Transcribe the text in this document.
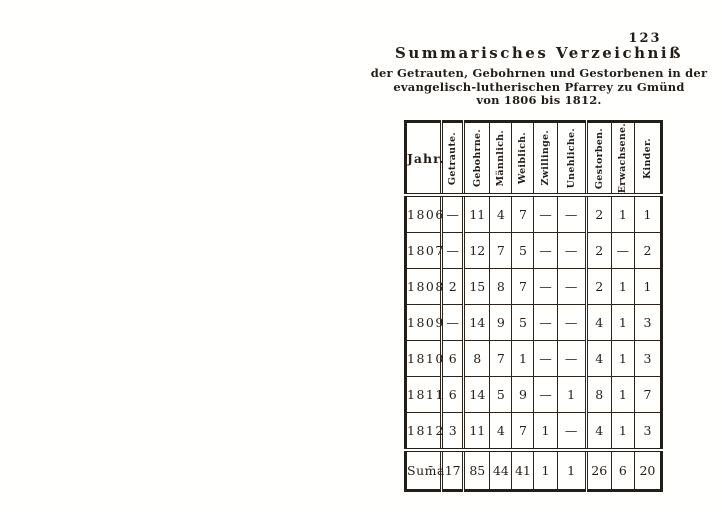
123
Summarisches Verzeichniß
der Getrauten, Gebohrnen und Gestorbenen in der
evangelisch-lutherischen Pfarrey zu Gmünd
von 1806 bis 1812.
Jahr.	Getraute.	Gebohrne.	Männlich.	Weiblich.	Zwillinge.	Unehliche.	Gestorben.	Erwachsene.	Kinder.

1806	—	11	4	7	—	—	2	1	1
1807	—	12	7	5	—	—	2	—	2
1808	2	15	8	7	—	—	2	1	1
1809	—	14	9	5	—	—	4	1	3
1810	6	8	7	1	—	—	4	1	3
1811	6	14	5	9	—	1	8	1	7
1812	3	11	4	7	1	—	4	1	3
Sum̄a	17	85	44	41	1	1	26	6	20
